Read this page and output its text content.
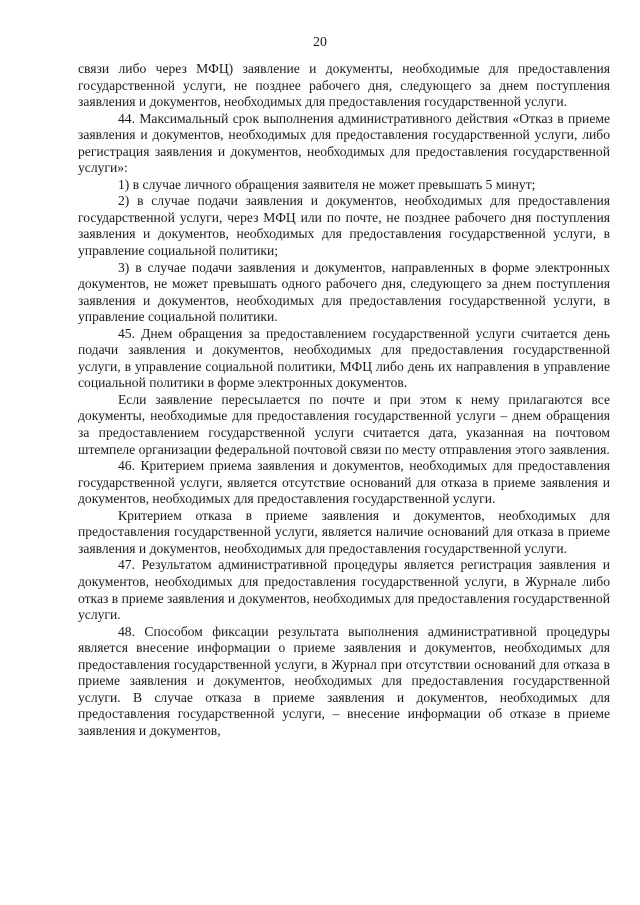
20

связи либо через МФЦ) заявление и документы, необходимые для предоставления государственной услуги, не позднее рабочего дня, следующего за днем поступления заявления и документов, необходимых для предоставления государственной услуги.

44. Максимальный срок выполнения административного действия «Отказ в приеме заявления и документов, необходимых для предоставления государственной услуги, либо регистрация заявления и документов, необходимых для предоставления государственной услуги»:

1) в случае личного обращения заявителя не может превышать 5 минут;

2) в случае подачи заявления и документов, необходимых для предоставления государственной услуги, через МФЦ или по почте, не позднее рабочего дня поступления заявления и документов, необходимых для предоставления государственной услуги, в управление социальной политики;

3) в случае подачи заявления и документов, направленных в форме электронных документов, не может превышать одного рабочего дня, следующего за днем поступления заявления и документов, необходимых для предоставления государственной услуги, в управление социальной политики.

45. Днем обращения за предоставлением государственной услуги считается день подачи заявления и документов, необходимых для предоставления государственной услуги, в управление социальной политики, МФЦ либо день их направления в управление социальной политики в форме электронных документов.

Если заявление пересылается по почте и при этом к нему прилагаются все документы, необходимые для предоставления государственной услуги – днем обращения за предоставлением государственной услуги считается дата, указанная на почтовом штемпеле организации федеральной почтовой связи по месту отправления этого заявления.

46. Критерием приема заявления и документов, необходимых для предоставления государственной услуги, является отсутствие оснований для отказа в приеме заявления и документов, необходимых для предоставления государственной услуги.

Критерием отказа в приеме заявления и документов, необходимых для предоставления государственной услуги, является наличие оснований для отказа в приеме заявления и документов, необходимых для предоставления государственной услуги.

47. Результатом административной процедуры является регистрация заявления и документов, необходимых для предоставления государственной услуги, в Журнале либо отказ в приеме заявления и документов, необходимых для предоставления государственной услуги.

48. Способом фиксации результата выполнения административной процедуры является внесение информации о приеме заявления и документов, необходимых для предоставления государственной услуги, в Журнал при отсутствии оснований для отказа в приеме заявления и документов, необходимых для предоставления государственной услуги. В случае отказа в приеме заявления и документов, необходимых для предоставления государственной услуги, – внесение информации об отказе в приеме заявления и документов,
